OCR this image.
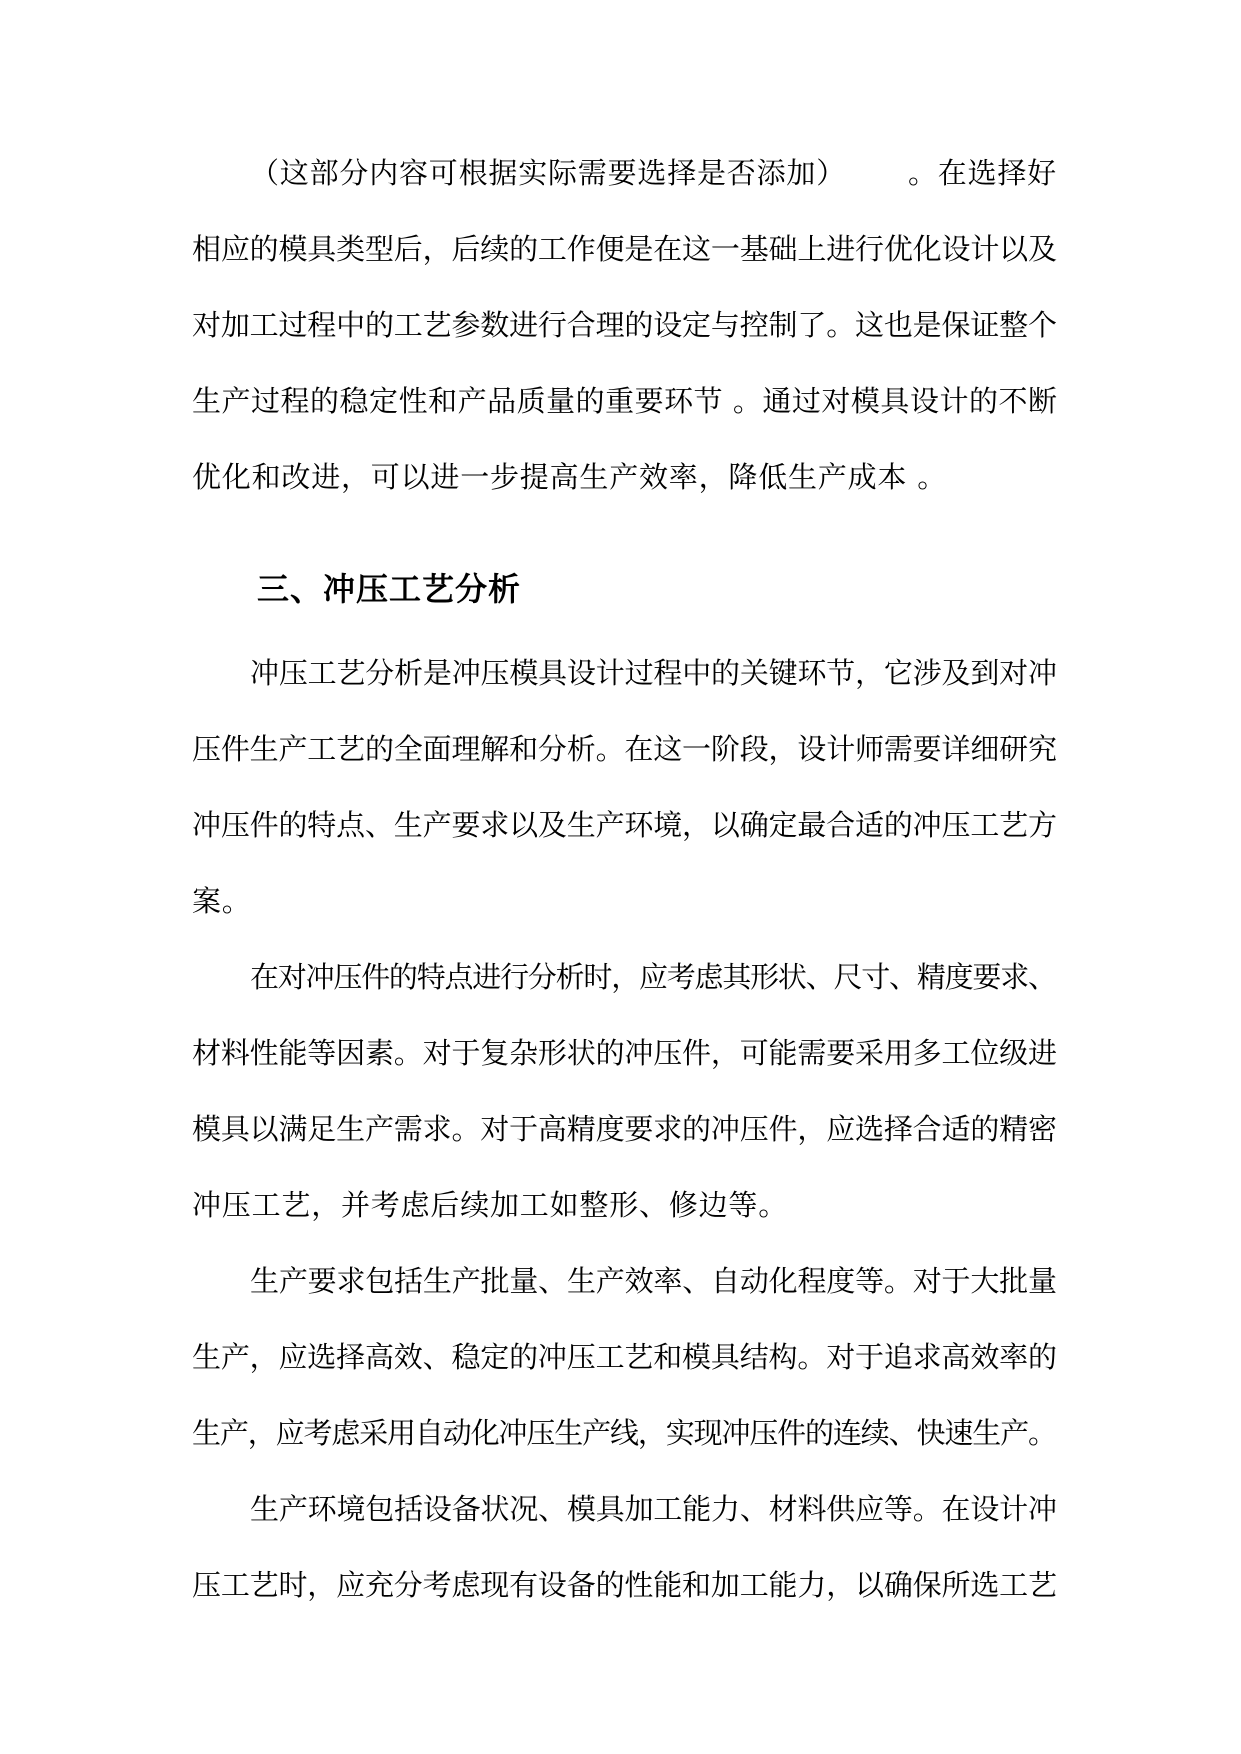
（这部分内容可根据实际需要选择是否添加） 。在选择好
相应的模具类型后，后续的工作便是在这一基础上进行优化设计以及
对加工过程中的工艺参数进行合理的设定与控制了。这也是保证整个
生产过程的稳定性和产品质量的重要环节 。通过对模具设计的不断
优化和改进，可以进一步提高生产效率，降低生产成本 。
三、冲压工艺分析
冲压工艺分析是冲压模具设计过程中的关键环节，它涉及到对冲
压件生产工艺的全面理解和分析。在这一阶段，设计师需要详细研究
冲压件的特点、生产要求以及生产环境，以确定最合适的冲压工艺方
案。
在对冲压件的特点进行分析时，应考虑其形状、尺寸、精度要求、
材料性能等因素。对于复杂形状的冲压件，可能需要采用多工位级进
模具以满足生产需求。对于高精度要求的冲压件，应选择合适的精密
冲压工艺，并考虑后续加工如整形、修边等。
生产要求包括生产批量、生产效率、自动化程度等。对于大批量
生产，应选择高效、稳定的冲压工艺和模具结构。对于追求高效率的
生产，应考虑采用自动化冲压生产线，实现冲压件的连续、快速生产。
生产环境包括设备状况、模具加工能力、材料供应等。在设计冲
压工艺时，应充分考虑现有设备的性能和加工能力，以确保所选工艺
